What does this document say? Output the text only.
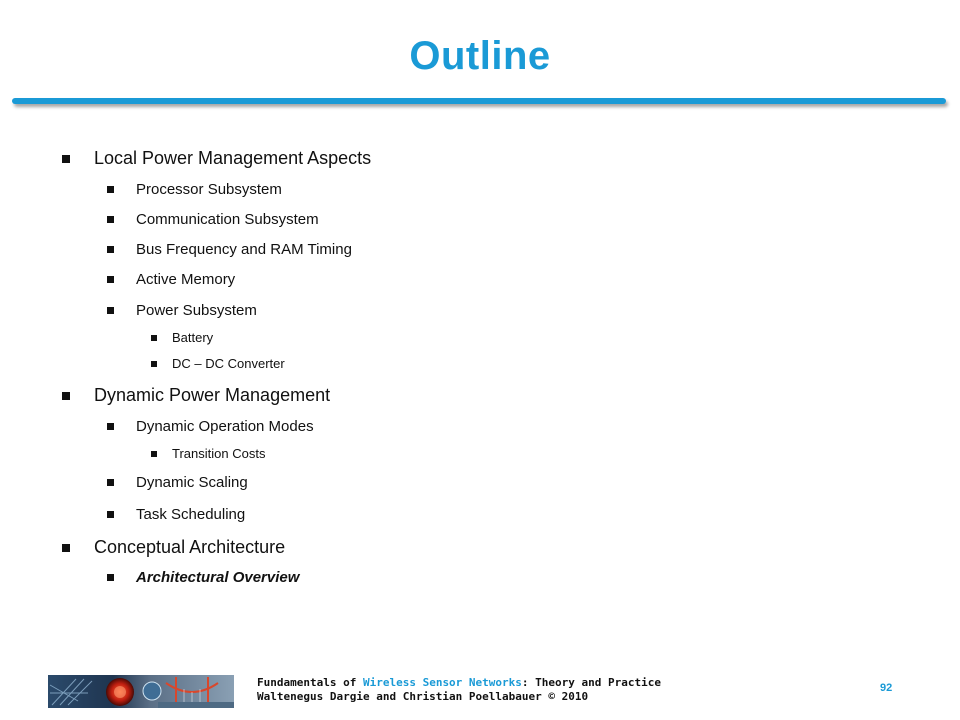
Outline
Local Power Management Aspects
Processor Subsystem
Communication Subsystem
Bus Frequency and RAM Timing
Active Memory
Power Subsystem
Battery
DC – DC Converter
Dynamic Power Management
Dynamic Operation Modes
Transition Costs
Dynamic Scaling
Task Scheduling
Conceptual Architecture
Architectural Overview
Fundamentals of Wireless Sensor Networks: Theory and Practice
Waltenegus Dargie and Christian Poellabauer © 2010
92
